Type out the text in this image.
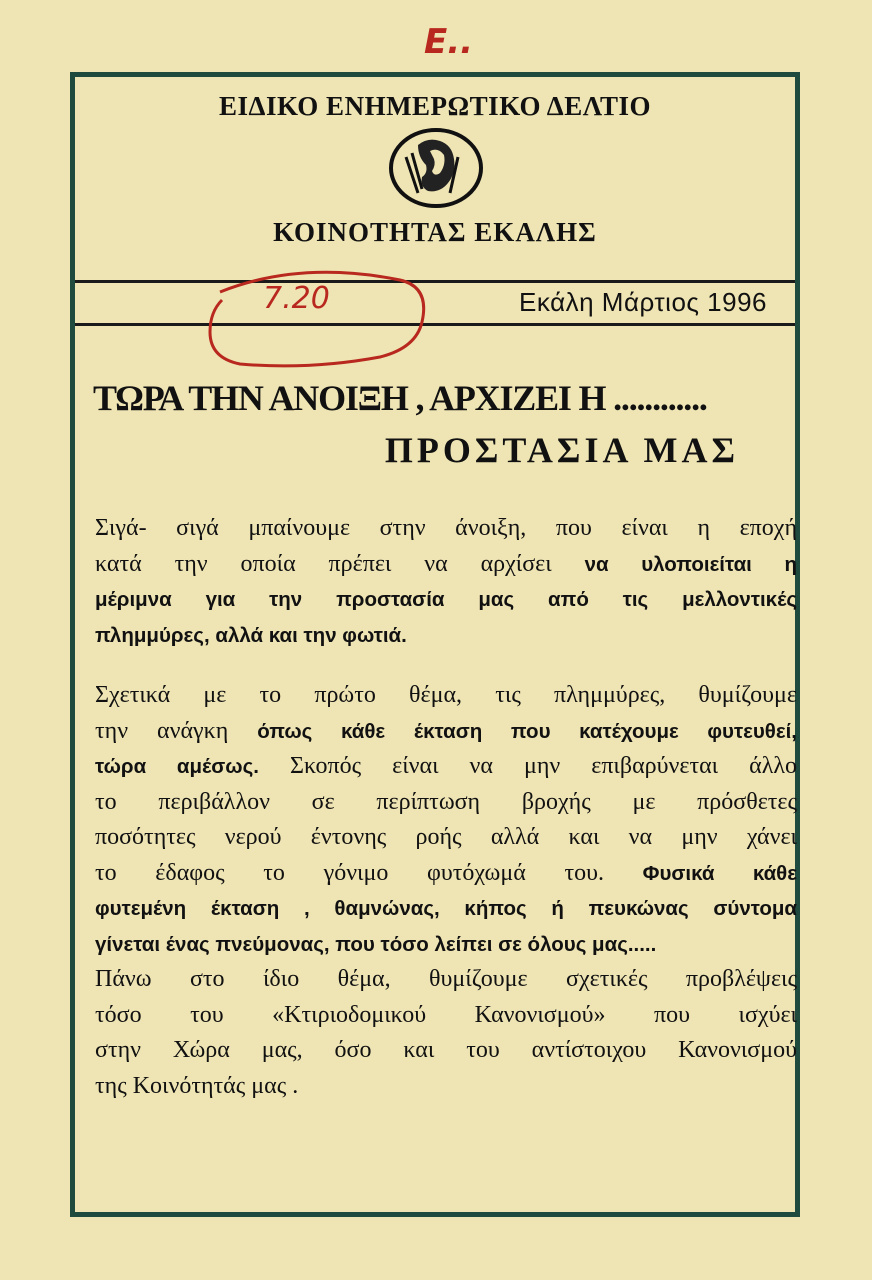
Ε..
ΕΙΔΙΚΟ ΕΝΗΜΕΡΩΤΙΚΟ ΔΕΛΤΙΟ
ΚΟΙΝΟΤΗΤΑΣ ΕΚΑΛΗΣ
7.20	Εκάλη Μάρτιος 1996
ΤΩΡΑ ΤΗΝ ΑΝΟΙΞΗ , ΑΡΧΙΖΕΙ Η ............
ΠΡΟΣΤΑΣΙΑ ΜΑΣ
Σιγά- σιγά μπαίνουμε στην άνοιξη, που είναι η εποχή
κατά την οποία πρέπει να αρχίσει να υλοποιείται η
μέριμνα για την προστασία μας από τις μελλοντικές
πλημμύρες, αλλά και την φωτιά.
Σχετικά με το πρώτο θέμα, τις πλημμύρες, θυμίζουμε
την ανάγκη όπως κάθε έκταση που κατέχουμε φυτευθεί,
τώρα αμέσως. Σκοπός είναι να μην επιβαρύνεται άλλο
το περιβάλλον σε περίπτωση βροχής με πρόσθετες
ποσότητες νερού έντονης ροής αλλά και να μην χάνει
το έδαφος το γόνιμο φυτόχωμά του. Φυσικά κάθε
φυτεμένη έκταση , θαμνώνας, κήπος ή πευκώνας σύντομα
γίνεται ένας πνεύμονας, που τόσο λείπει σε όλους μας.....
Πάνω στο ίδιο θέμα, θυμίζουμε σχετικές προβλέψεις
τόσο του «Κτιριοδομικού Κανονισμού» που ισχύει
στην Χώρα μας, όσο και του αντίστοιχου Κανονισμού
της Κοινότητάς μας .
